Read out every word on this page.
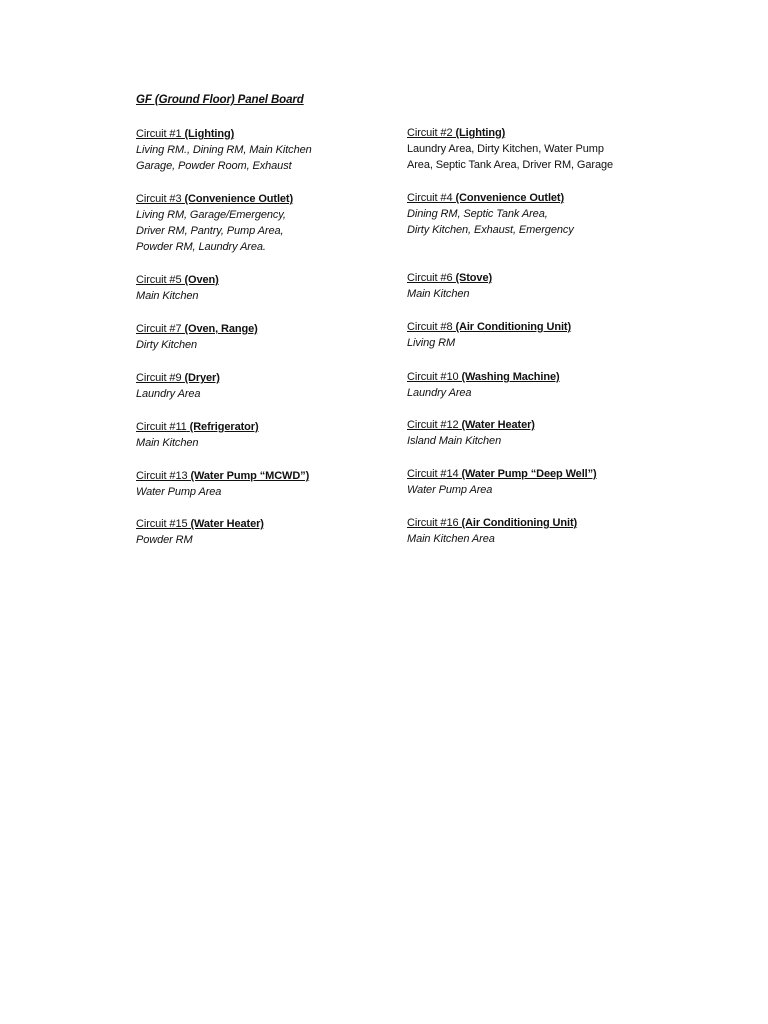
GF (Ground Floor) Panel Board
Circuit #1 (Lighting)
Living RM., Dining RM, Main Kitchen
Garage, Powder Room, Exhaust
Circuit #2 (Lighting)
Laundry Area, Dirty Kitchen, Water Pump
Area, Septic Tank Area, Driver RM, Garage
Circuit #3 (Convenience Outlet)
Living RM, Garage/Emergency,
Driver RM, Pantry, Pump Area,
Powder RM, Laundry Area.
Circuit #4 (Convenience Outlet)
Dining RM, Septic Tank Area,
Dirty Kitchen, Exhaust, Emergency
Circuit #5 (Oven)
Main Kitchen
Circuit #6 (Stove)
Main Kitchen
Circuit #7 (Oven, Range)
Dirty Kitchen
Circuit #8 (Air Conditioning Unit)
Living RM
Circuit #9 (Dryer)
Laundry Area
Circuit #10 (Washing Machine)
Laundry Area
Circuit #11 (Refrigerator)
Main Kitchen
Circuit #12 (Water Heater)
Island Main Kitchen
Circuit #13 (Water Pump “MCWD”)
Water Pump Area
Circuit #14 (Water Pump “Deep Well”)
Water Pump Area
Circuit #15 (Water Heater)
Powder RM
Circuit #16 (Air Conditioning Unit)
Main Kitchen Area
